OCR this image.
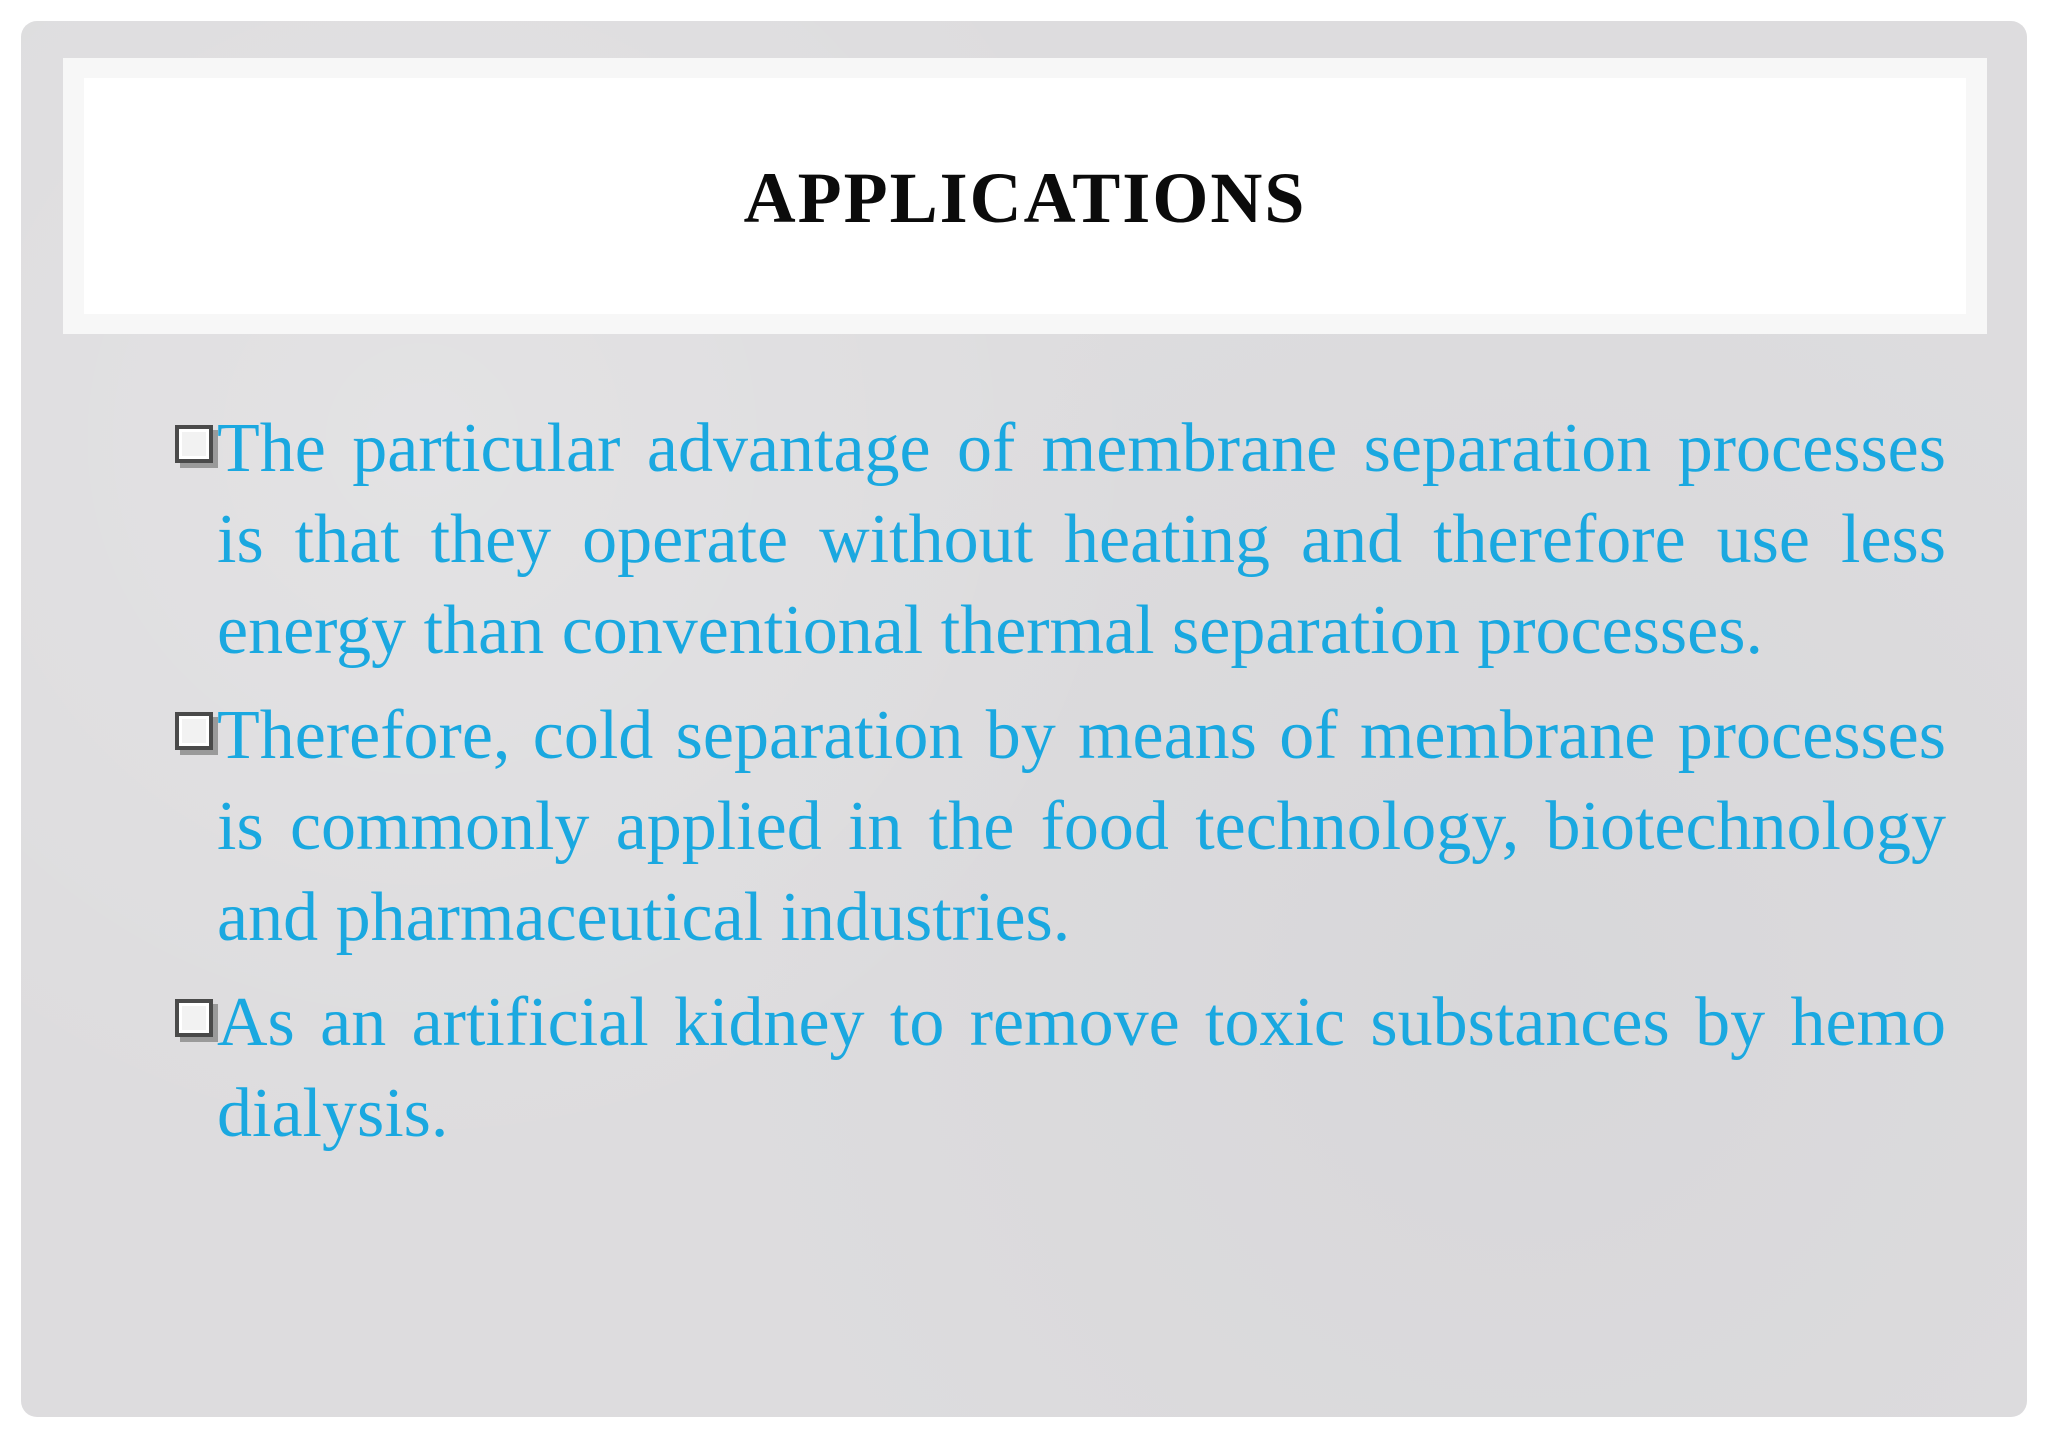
APPLICATIONS
The particular advantage of membrane separation processes is that they operate without heating and therefore use less energy than conventional thermal separation processes.
Therefore, cold separation by means of membrane processes is commonly applied in the food technology, biotechnology and pharmaceutical industries.
As an artificial kidney to remove toxic substances by hemo dialysis.
